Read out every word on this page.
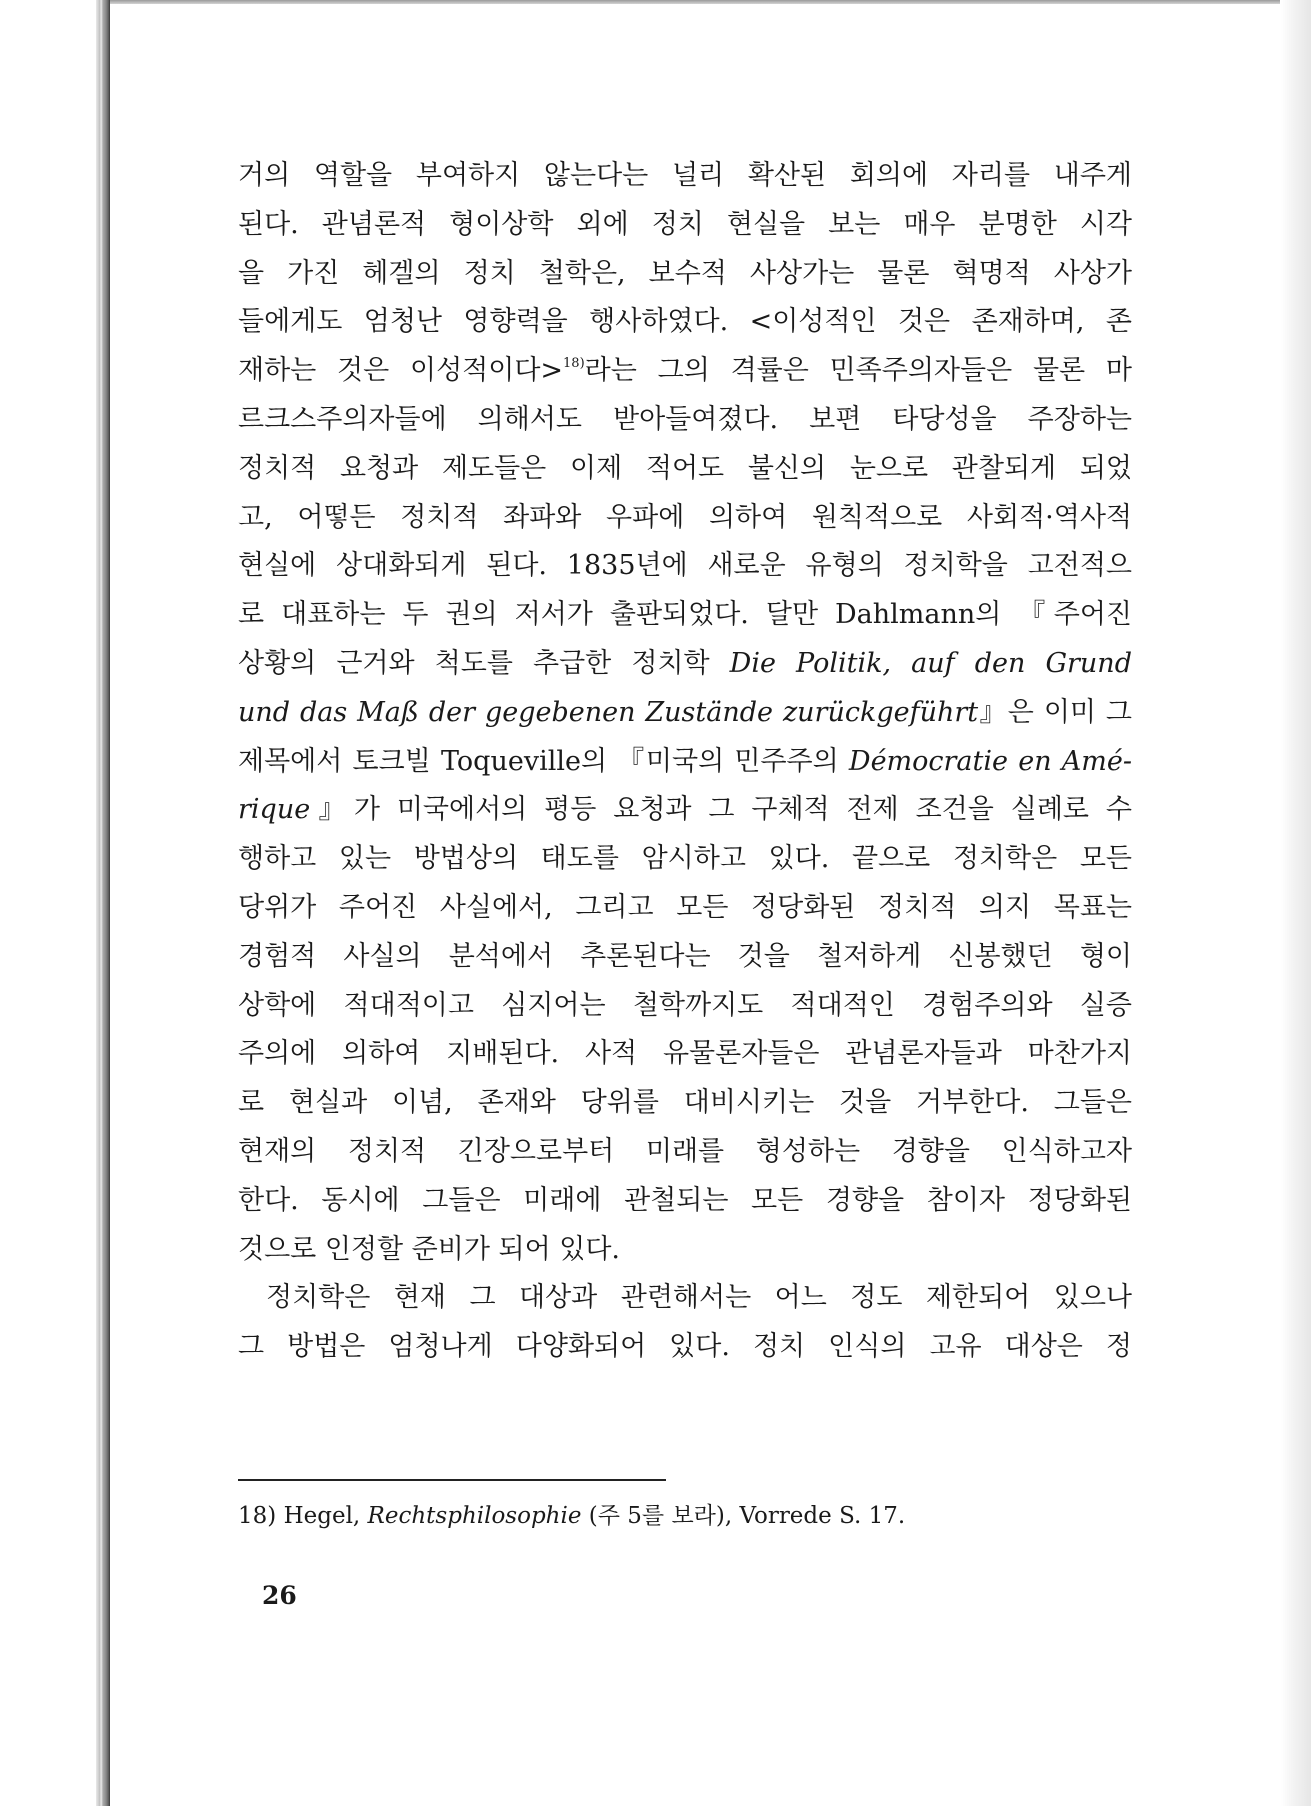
거의 역할을 부여하지 않는다는 널리 확산된 회의에 자리를 내주게
된다. 관념론적 형이상학 외에 정치 현실을 보는 매우 분명한 시각
을 가진 헤겔의 정치 철학은, 보수적 사상가는 물론 혁명적 사상가
들에게도 엄청난 영향력을 행사하였다. <이성적인 것은 존재하며, 존
재하는 것은 이성적이다>$^{18)}$라는 그의 격률은 민족주의자들은 물론 마
르크스주의자들에 의해서도 받아들여졌다. 보편 타당성을 주장하는
정치적 요청과 제도들은 이제 적어도 불신의 눈으로 관찰되게 되었
고, 어떻든 정치적 좌파와 우파에 의하여 원칙적으로 사회적·역사적
현실에 상대화되게 된다. 1835년에 새로운 유형의 정치학을 고전적으
로 대표하는 두 권의 저서가 출판되었다. 달만 Dahlmann의 『주어진
상황의 근거와 척도를 추급한 정치학 Die Politik, auf den Grund
und das Maß der gegebenen Zustände zurückgeführt』은 이미 그
제목에서 토크빌 Toqueville의 『미국의 민주주의 Démocratie en Amé-
rique』가 미국에서의 평등 요청과 그 구체적 전제 조건을 실례로 수
행하고 있는 방법상의 태도를 암시하고 있다. 끝으로 정치학은 모든
당위가 주어진 사실에서, 그리고 모든 정당화된 정치적 의지 목표는
경험적 사실의 분석에서 추론된다는 것을 철저하게 신봉했던 형이
상학에 적대적이고 심지어는 철학까지도 적대적인 경험주의와 실증
주의에 의하여 지배된다. 사적 유물론자들은 관념론자들과 마찬가지
로 현실과 이념, 존재와 당위를 대비시키는 것을 거부한다. 그들은
현재의 정치적 긴장으로부터 미래를 형성하는 경향을 인식하고자
한다. 동시에 그들은 미래에 관철되는 모든 경향을 참이자 정당화된
것으로 인정할 준비가 되어 있다.
정치학은 현재 그 대상과 관련해서는 어느 정도 제한되어 있으나
그 방법은 엄청나게 다양화되어 있다. 정치 인식의 고유 대상은 정
18) Hegel, Rechtsphilosophie (주 5를 보라), Vorrede S. 17.
26
